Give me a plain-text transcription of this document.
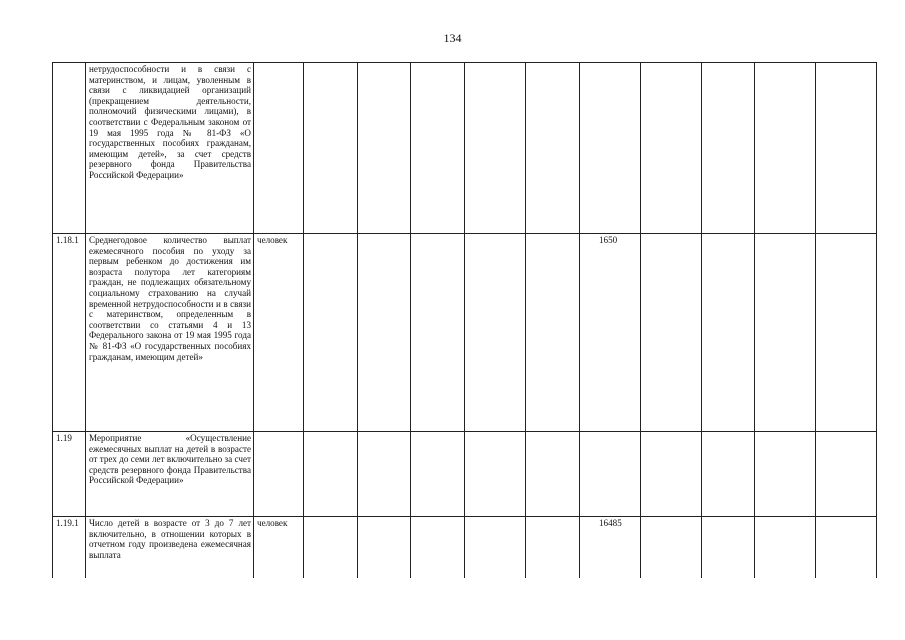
134
	нетрудоспособности и в связи с материнством, и лицам, уволенным в связи с ликвидацией организаций (прекращением деятельности, полномочий физическими лицами), в соответствии с Федеральным законом от 19 мая 1995 года № 81-ФЗ «О государственных пособиях гражданам, имеющим детей», за счет средств резервного фонда Правительства Российской Федерации»											
1.18.1	Среднегодовое количество выплат ежемесячного пособия по уходу за первым ребенком до достижения им возраста полутора лет категориям граждан, не подлежащих обязательному социальному страхованию на случай временной нетрудоспособности и в связи с материнством, определенным в соответствии со статьями 4 и 13 Федерального закона от 19 мая 1995 года № 81-ФЗ «О государственных пособиях гражданам, имеющим детей»	человек						1650				
1.19	Мероприятие «Осуществление ежемесячных выплат на детей в возрасте от трех до семи лет включительно за счет средств резервного фонда Правительства Российской Федерации»											
1.19.1	Число детей в возрасте от 3 до 7 лет включительно, в отношении которых в отчетном году произведена ежемесячная выплата	человек						16485				
